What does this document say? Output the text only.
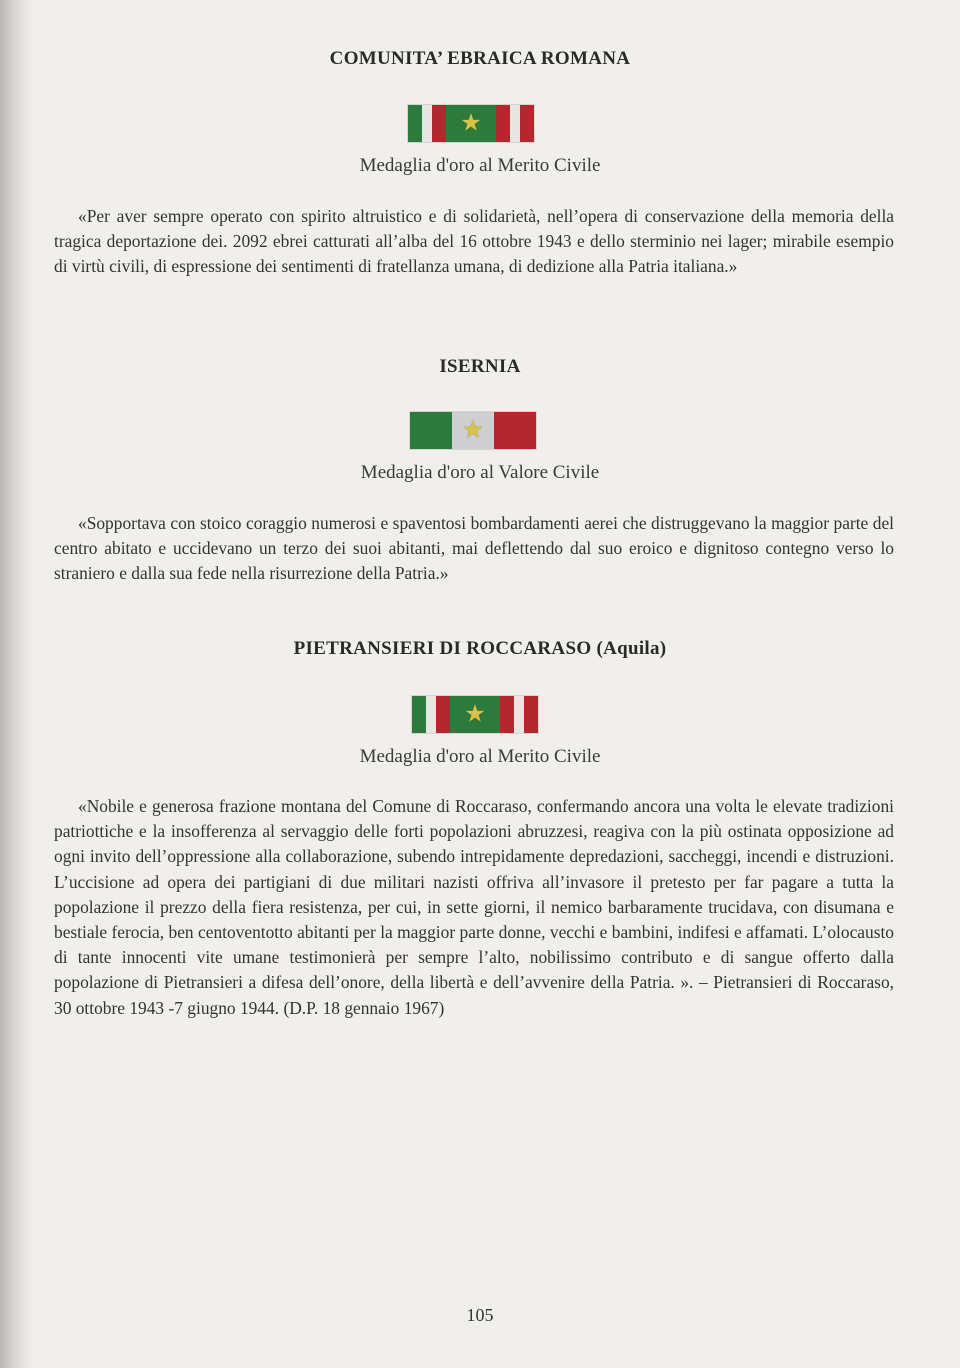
COMUNITA’ EBRAICA ROMANA
★
Medaglia d'oro al Merito Civile

«Per aver sempre operato con spirito altruistico e di solidarietà, nell’opera di conservazione della memoria della tragica deportazione dei. 2092 ebrei catturati all’alba del 16 ottobre 1943 e dello sterminio nei lager; mirabile esempio di virtù civili, di espressione dei sentimenti di fratellanza umana, di dedizione alla Patria italiana.»

ISERNIA
★
Medaglia d'oro al Valore Civile

«Sopportava con stoico coraggio numerosi e spaventosi bombardamenti aerei che distruggevano la maggior parte del centro abitato e uccidevano un terzo dei suoi abitanti, mai deflettendo dal suo eroico e dignitoso contegno verso lo straniero e dalla sua fede nella risurrezione della Patria.»

PIETRANSIERI DI ROCCARASO (Aquila)
★
Medaglia d'oro al Merito Civile

«Nobile e generosa frazione montana del Comune di Roccaraso, confermando ancora una volta le elevate tradizioni patriottiche e la insofferenza al servaggio delle forti popolazioni abruzzesi, reagiva con la più ostinata opposizione ad ogni invito dell’oppressione alla collaborazione, subendo intrepidamente depredazioni, saccheggi, incendi e distruzioni. L’uccisione ad opera dei partigiani di due militari nazisti offriva all’invasore il pretesto per far pagare a tutta la popolazione il prezzo della fiera resistenza, per cui, in sette giorni, il nemico barbaramente trucidava, con disumana e bestiale ferocia, ben centoventotto abitanti per la maggior parte donne, vecchi e bambini, indifesi e affamati. L’olocausto di tante innocenti vite umane testimonierà per sempre l’alto, nobilissimo contributo e di sangue offerto dalla popolazione di Pietransieri a difesa dell’onore, della libertà e dell’avvenire della Patria. ». – Pietransieri di Roccaraso, 30 ottobre 1943 -7 giugno 1944. (D.P. 18 gennaio 1967)

105
